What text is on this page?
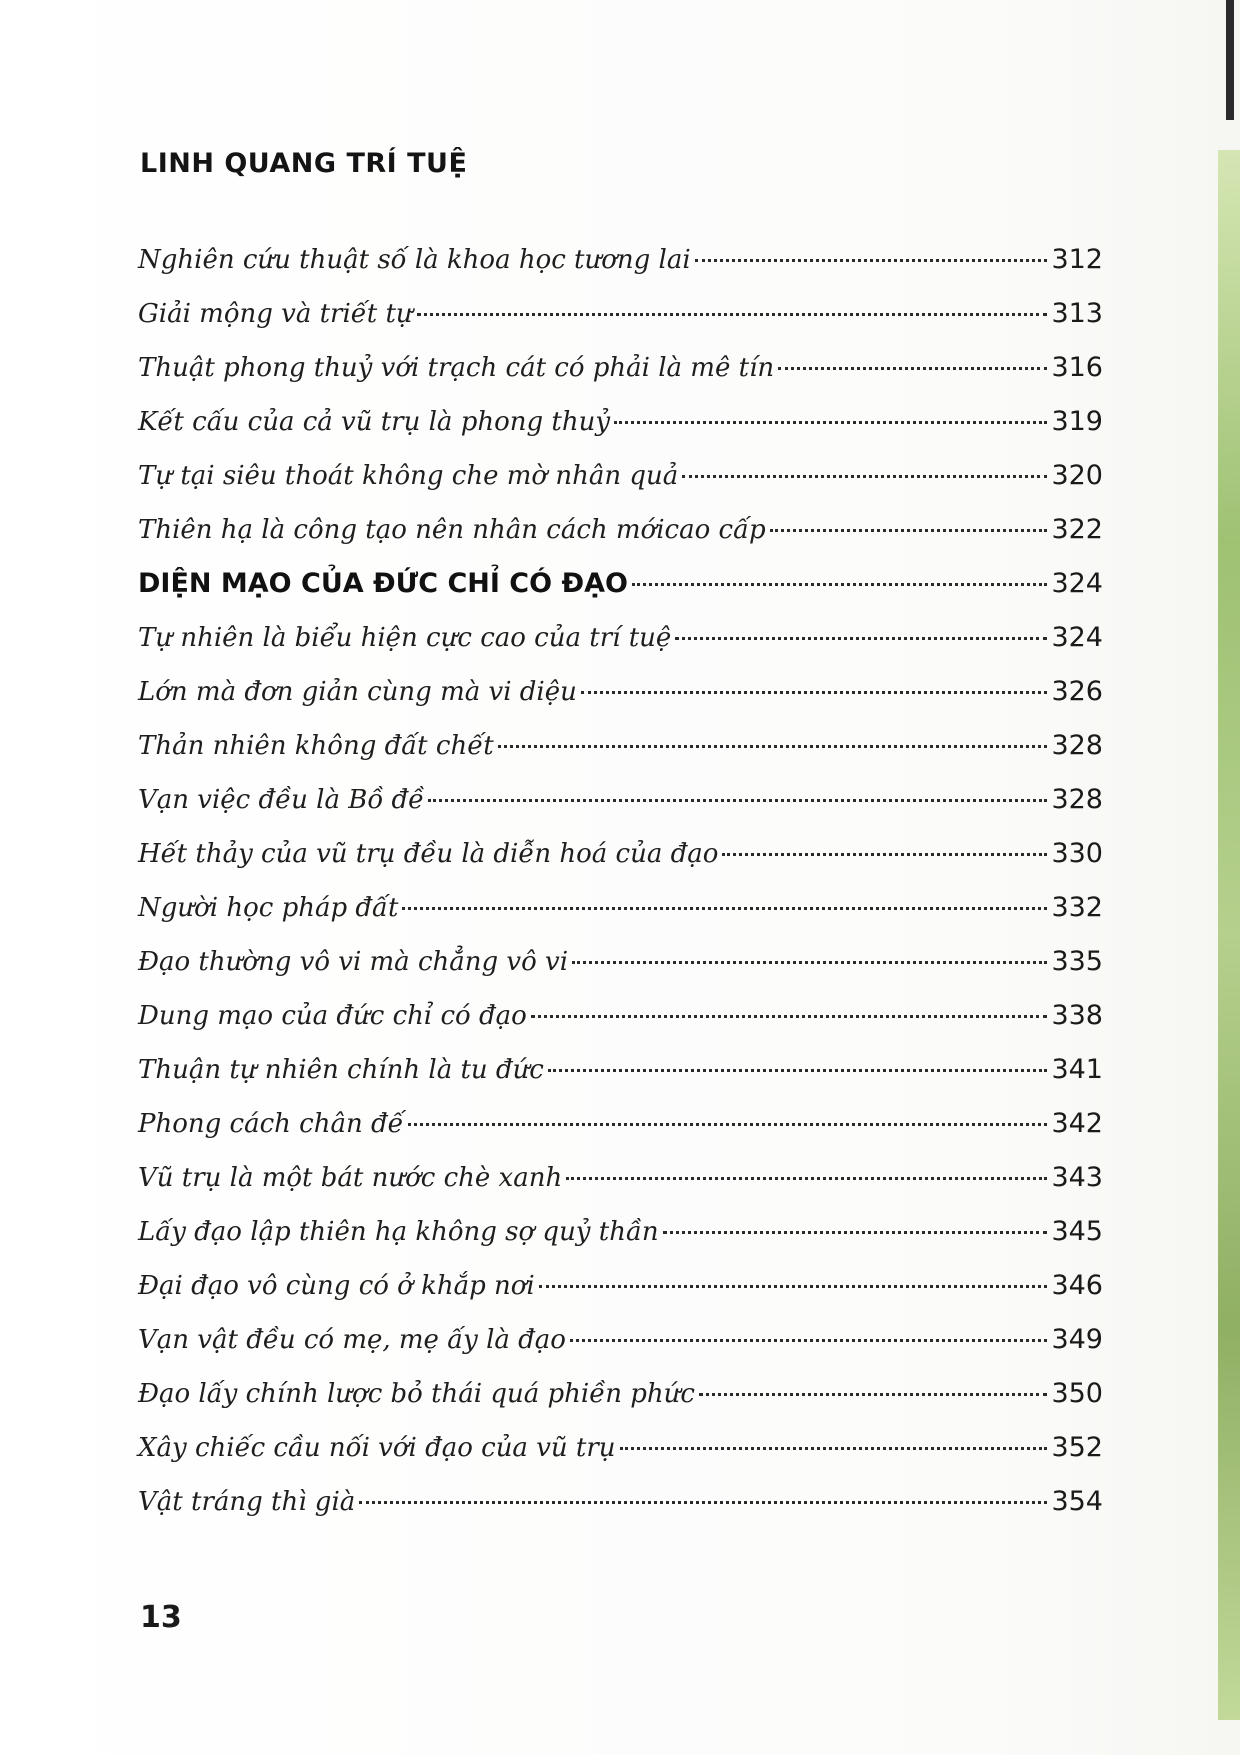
LINH QUANG TRÍ TUỆ
Nghiên cứu thuật số là khoa học tương lai	312
Giải mộng và triết tự	313
Thuật phong thuỷ với trạch cát có phải là mê tín	316
Kết cấu của cả vũ trụ là phong thuỷ	319
Tự tại siêu thoát không che mờ nhân quả	320
Thiên hạ là công tạo nên nhân cách mớicao cấp	322
DIỆN MẠO CỦA ĐỨC CHỈ CÓ ĐẠO	324
Tự nhiên là biểu hiện cực cao của trí tuệ	324
Lớn mà đơn giản cùng mà vi diệu	326
Thản nhiên không đất chết	328
Vạn việc đều là Bồ đề	328
Hết thảy của vũ trụ đều là diễn hoá của đạo	330
Người học pháp đất	332
Đạo thường vô vi mà chẳng vô vi	335
Dung mạo của đức chỉ có đạo	338
Thuận tự nhiên chính là tu đức	341
Phong cách chân đế	342
Vũ trụ là một bát nước chè xanh	343
Lấy đạo lập thiên hạ không sợ quỷ thần	345
Đại đạo vô cùng có ở khắp nơi	346
Vạn vật đều có mẹ, mẹ ấy là đạo	349
Đạo lấy chính lược bỏ thái quá phiền phức	350
Xây chiếc cầu nối với đạo của vũ trụ	352
Vật tráng thì già	354
13
